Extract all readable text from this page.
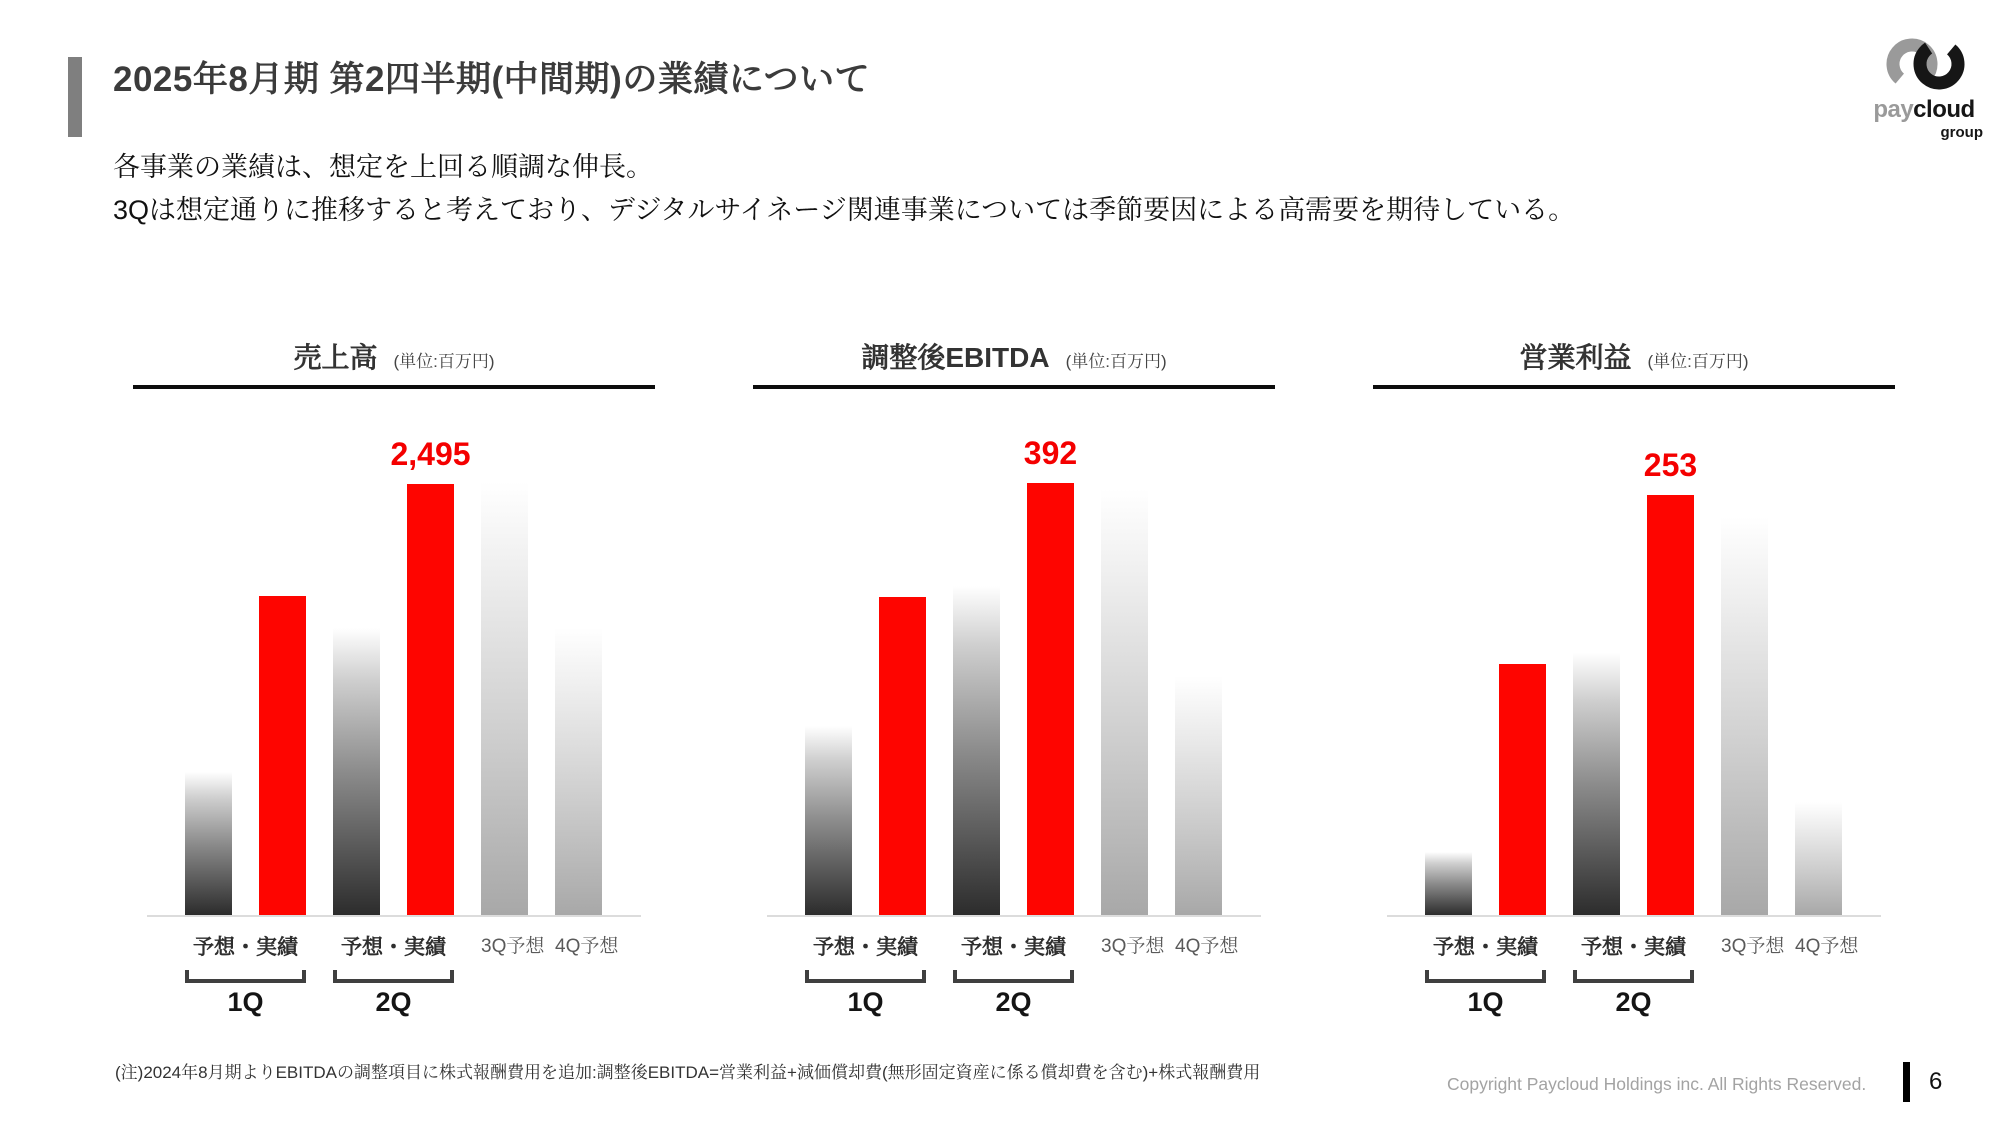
2025年8月期 第2四半期(中間期)の業績について
paycloud
group
各事業の業績は、想定を上回る順調な伸長。
3Qは想定通りに推移すると考えており、デジタルサイネージ関連事業については季節要因による高需要を期待している。
売上高 (単位:百万円)
2,495
予想・実績	予想・実績	3Q予想 4Q予想
1Q	2Q
調整後EBITDA (単位:百万円)
392
予想・実績	予想・実績	3Q予想 4Q予想
1Q	2Q
営業利益 (単位:百万円)
253
予想・実績	予想・実績	3Q予想 4Q予想
1Q	2Q
(注)2024年8月期よりEBITDAの調整項目に株式報酬費用を追加:調整後EBITDA=営業利益+減価償却費(無形固定資産に係る償却費を含む)+株式報酬費用
Copyright Paycloud Holdings inc. All Rights Reserved.	6
